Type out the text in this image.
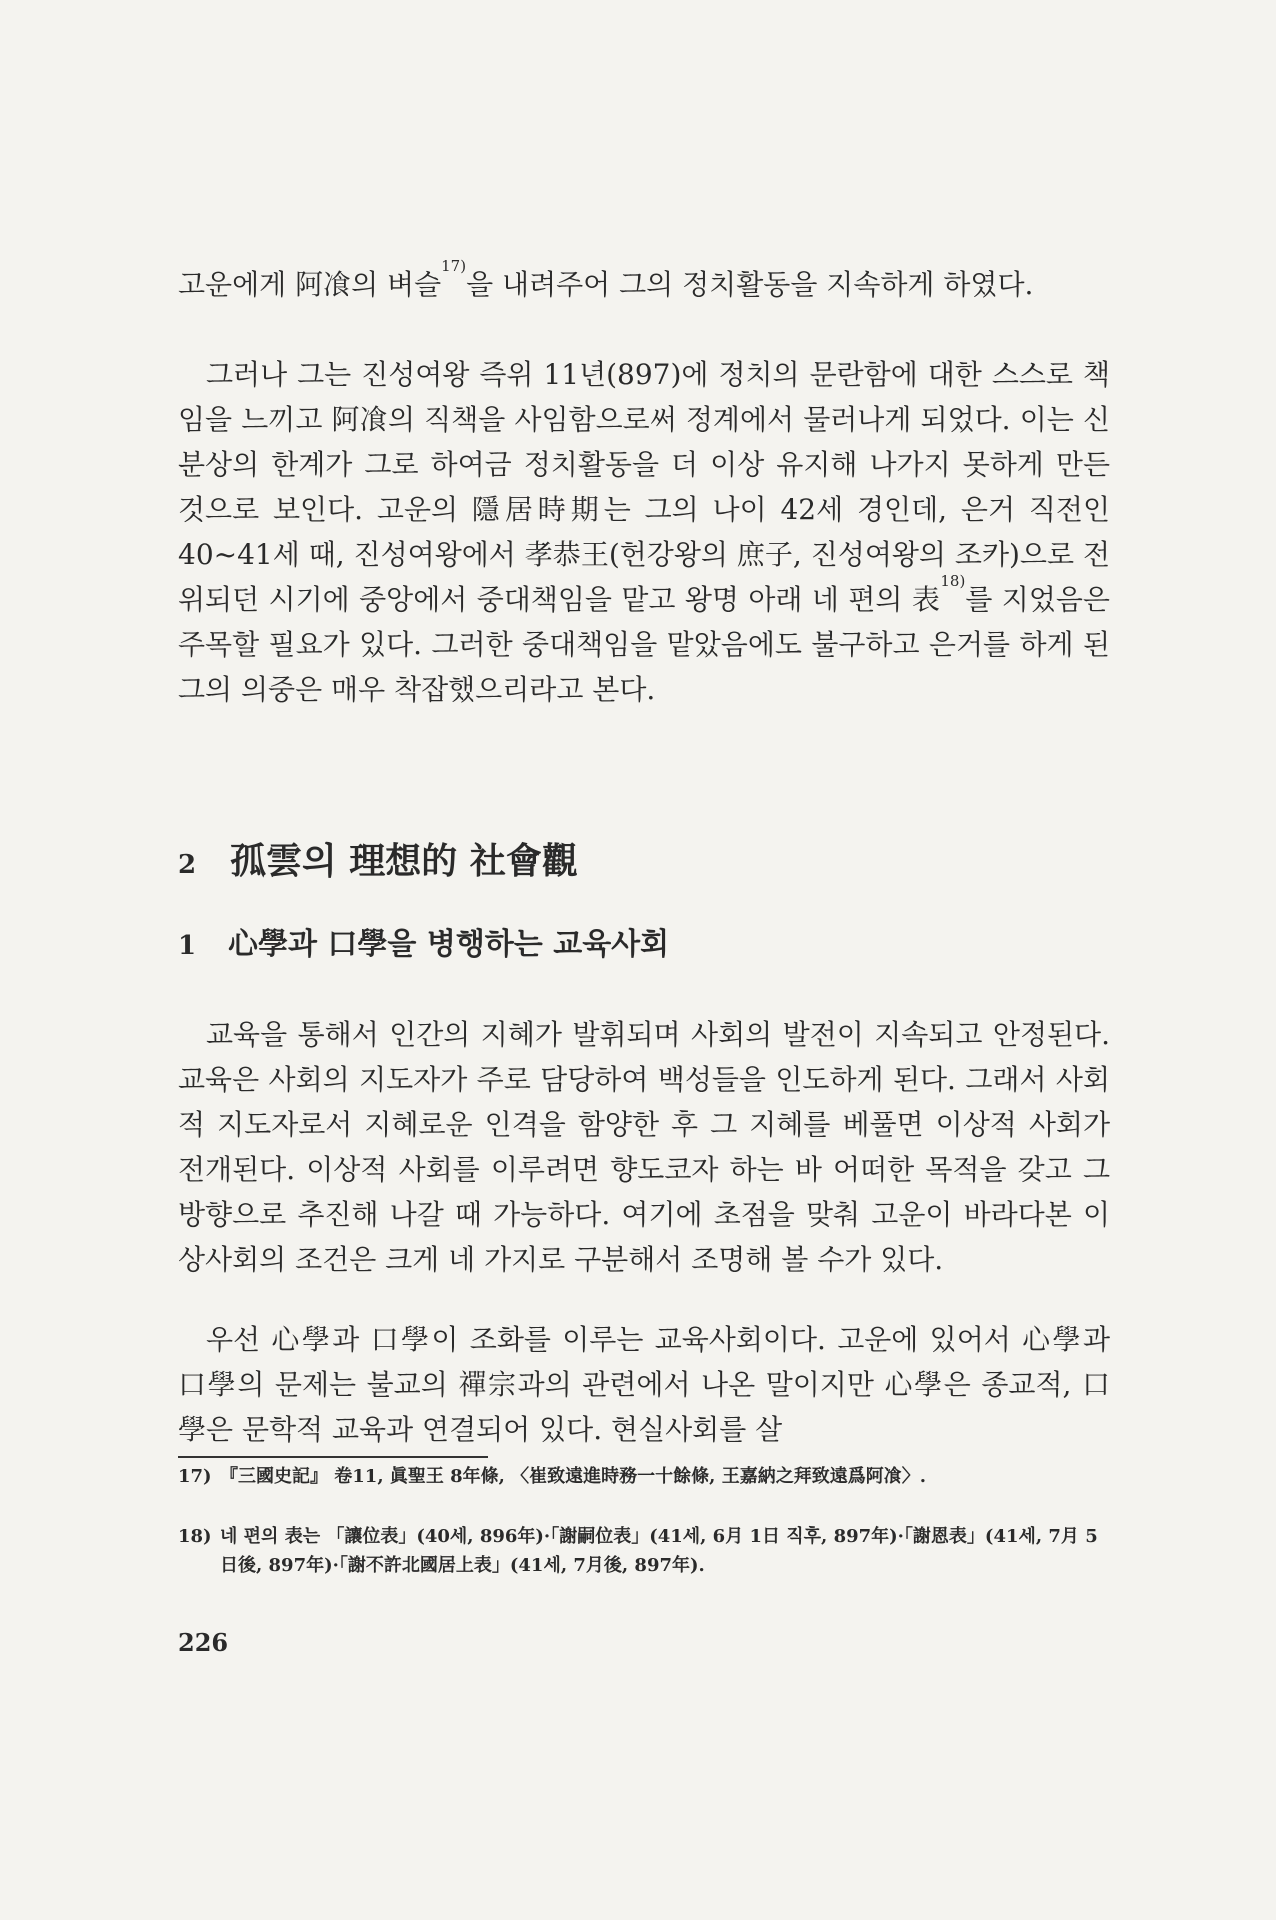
고운에게 阿飡의 벼슬$^{17)}$을 내려주어 그의 정치활동을 지속하게 하였다.

그러나 그는 진성여왕 즉위 11년(897)에 정치의 문란함에 대한 스스로 책임을 느끼고 阿飡의 직책을 사임함으로써 정계에서 물러나게 되었다. 이는 신분상의 한계가 그로 하여금 정치활동을 더 이상 유지해 나가지 못하게 만든 것으로 보인다. 고운의 隱居時期는 그의 나이 42세 경인데, 은거 직전인 40~41세 때, 진성여왕에서 孝恭王(헌강왕의 庶子, 진성여왕의 조카)으로 전위되던 시기에 중앙에서 중대책임을 맡고 왕명 아래 네 편의 表$^{18)}$를 지었음은 주목할 필요가 있다. 그러한 중대책임을 맡았음에도 불구하고 은거를 하게 된 그의 의중은 매우 착잡했으리라고 본다.

2 孤雲의 理想的 社會觀
1 心學과 口學을 병행하는 교육사회

교육을 통해서 인간의 지혜가 발휘되며 사회의 발전이 지속되고 안정된다. 교육은 사회의 지도자가 주로 담당하여 백성들을 인도하게 된다. 그래서 사회적 지도자로서 지혜로운 인격을 함양한 후 그 지혜를 베풀면 이상적 사회가 전개된다. 이상적 사회를 이루려면 향도코자 하는 바 어떠한 목적을 갖고 그 방향으로 추진해 나갈 때 가능하다. 여기에 초점을 맞춰 고운이 바라다본 이상사회의 조건은 크게 네 가지로 구분해서 조명해 볼 수가 있다.

우선 心學과 口學이 조화를 이루는 교육사회이다. 고운에 있어서 心學과 口學의 문제는 불교의 禪宗과의 관련에서 나온 말이지만 心學은 종교적, 口學은 문학적 교육과 연결되어 있다. 현실사회를 살

17) 『三國史記』 卷11, 眞聖王 8年條, 〈崔致遠進時務一十餘條, 王嘉納之拜致遠爲阿飡〉.

18) 네 편의 表는 「讓位表」(40세, 896年)·「謝嗣位表」(41세, 6月 1日 직후, 897年)·「謝恩表」(41세, 7月 5日後, 897年)·「謝不許北國居上表」(41세, 7月後, 897年).

226
